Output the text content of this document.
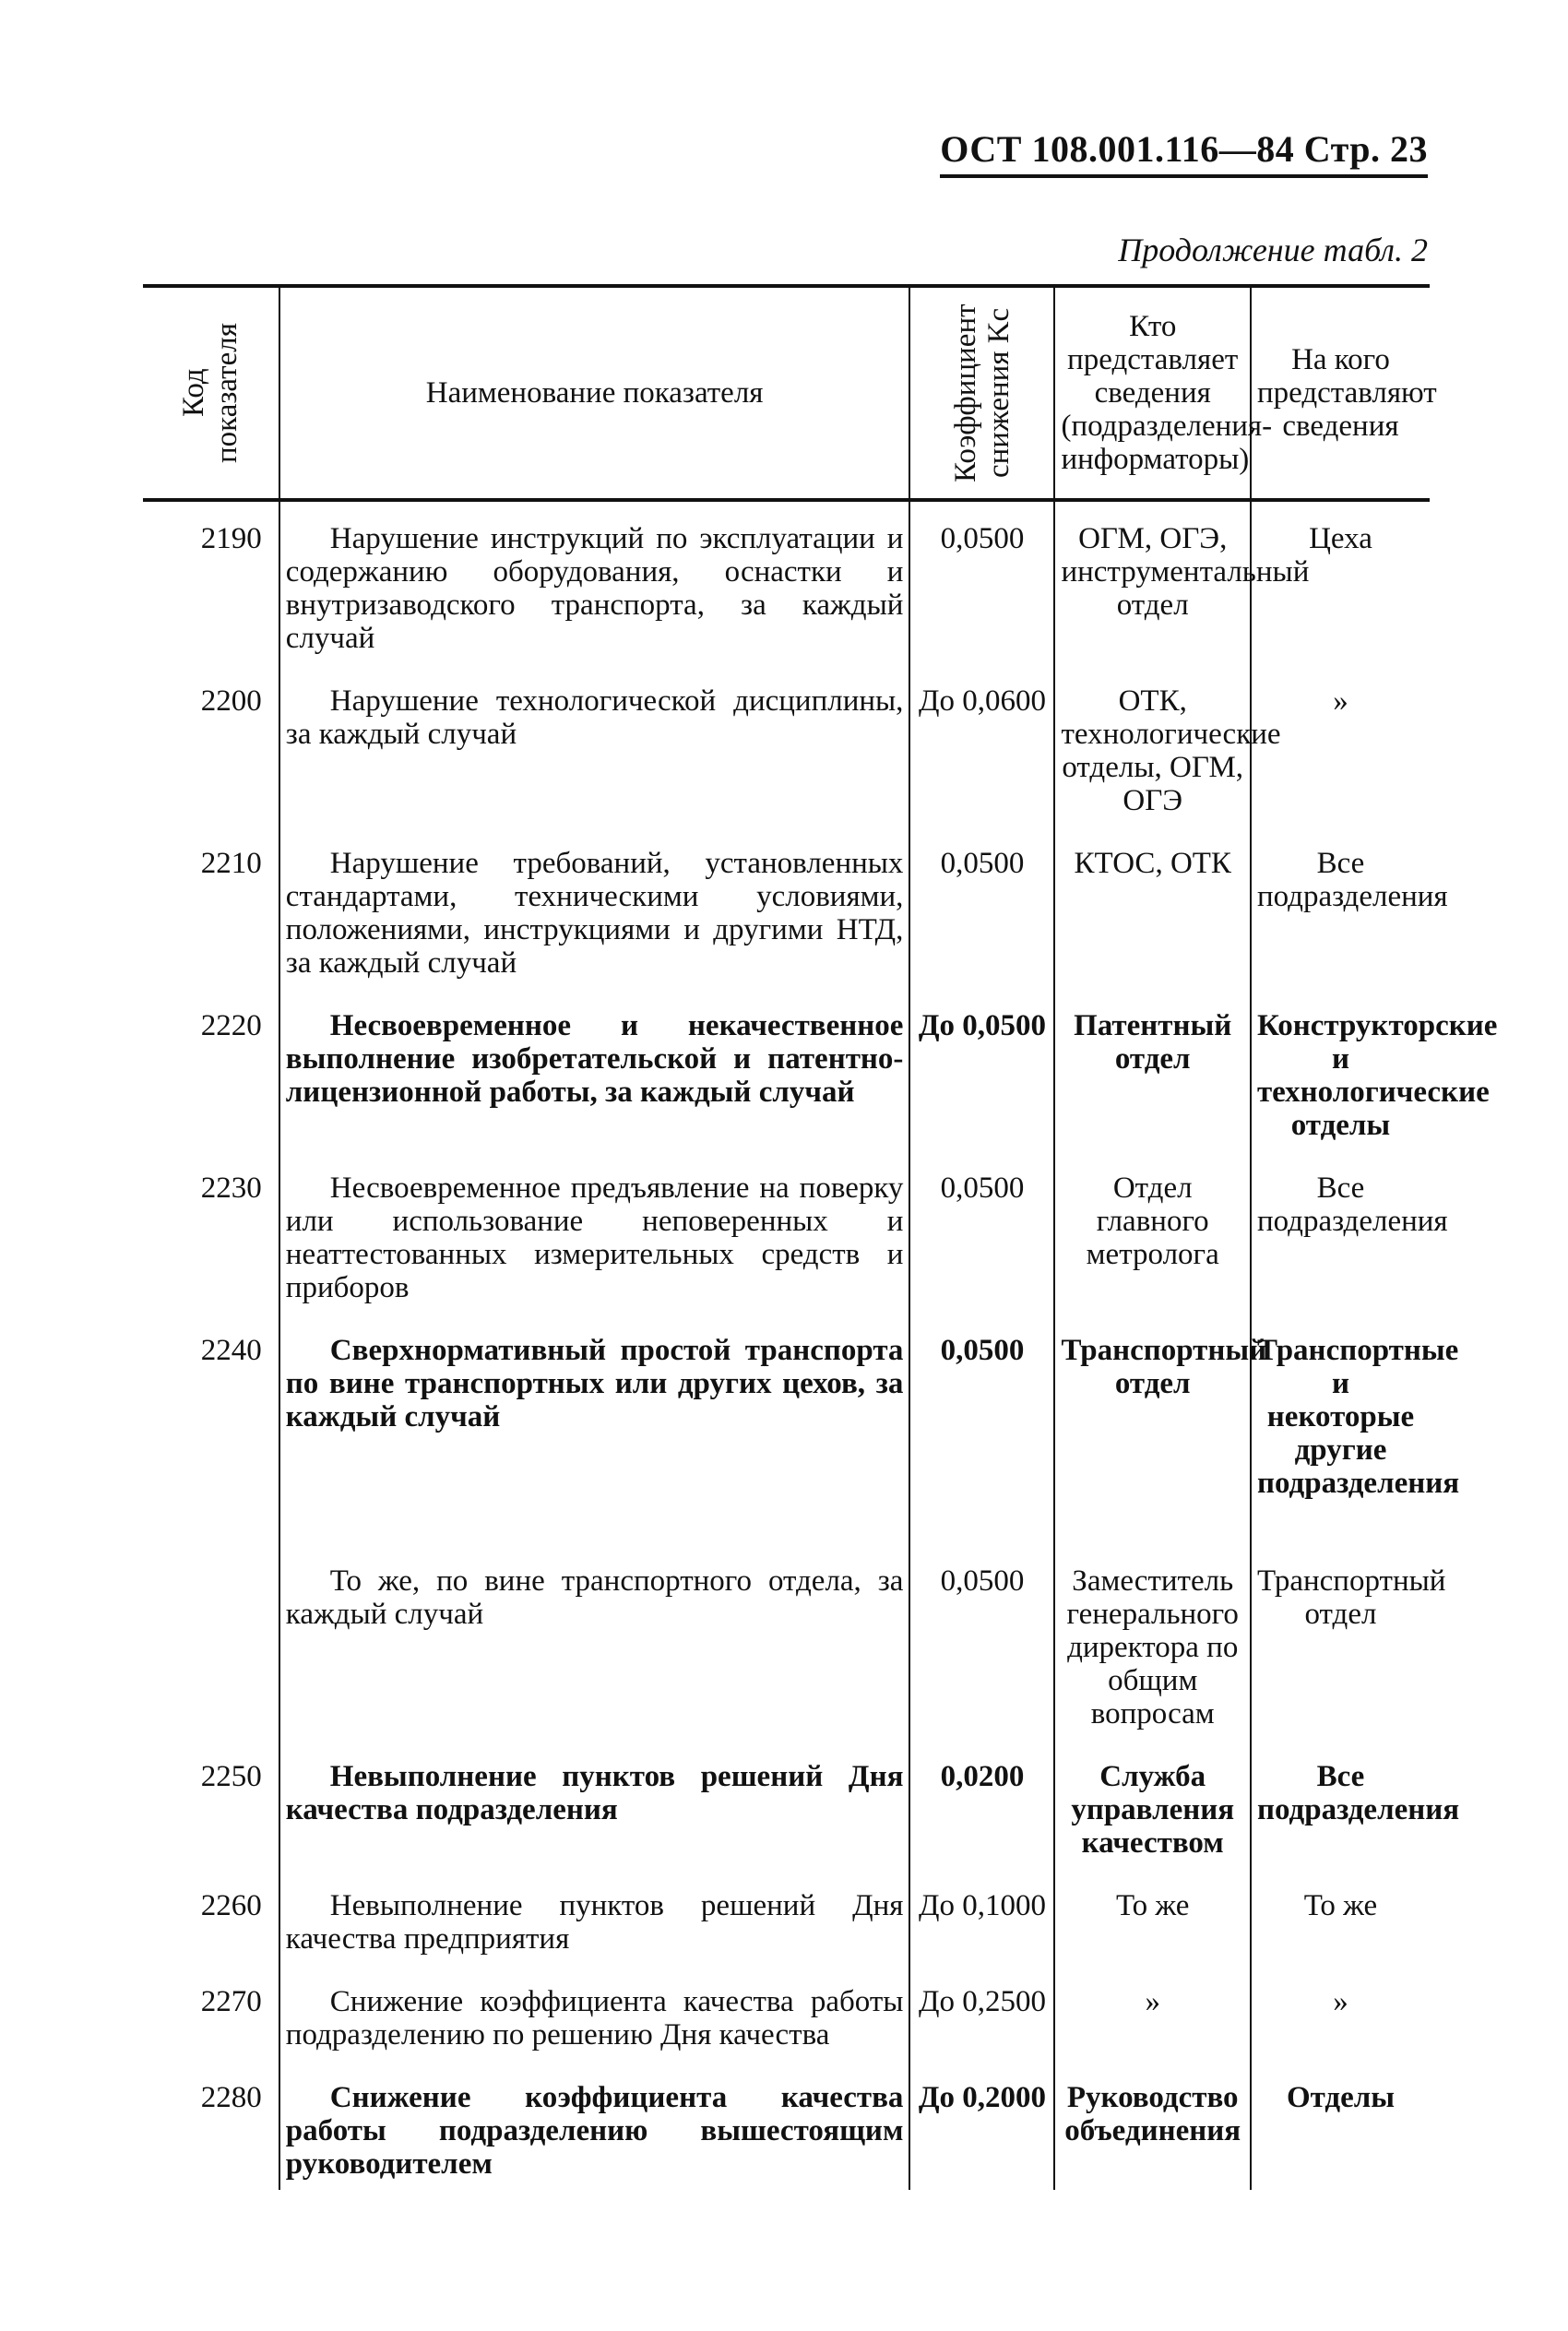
ОСТ 108.001.116—84 Стр. 23
Продолжение табл. 2
Код показателя	Наименование показателя	Коэффициент снижения Kс	Кто представляет сведения (подразделения-информаторы)	На кого представляют сведения
2190	Нарушение инструкций по эксплуатации и содержанию оборудования, оснастки и внутризаводского транспорта, за каждый случай	0,0500	ОГМ, ОГЭ, инструментальный отдел	Цеха
2200	Нарушение технологической дисциплины, за каждый случай	До 0,0600	ОТК, технологические отделы, ОГМ, ОГЭ	»
2210	Нарушение требований, установленных стандартами, техническими условиями, положениями, инструкциями и другими НТД, за каждый случай	0,0500	КТОС, ОТК	Все подразделения
2220	Несвоевременное и некачественное выполнение изобретательской и патентно-лицензионной работы, за каждый случай	До 0,0500	Патентный отдел	Конструкторские и технологические отделы
2230	Несвоевременное предъявление на поверку или использование неповеренных и неаттестованных измерительных средств и приборов	0,0500	Отдел главного метролога	Все подразделения
2240	Сверхнормативный простой транспорта по вине транспортных или других цехов, за каждый случай	0,0500	Транспортный отдел	Транспортные и некоторые другие подразделения
	То же, по вине транспортного отдела, за каждый случай	0,0500	Заместитель генерального директора по общим вопросам	Транспортный отдел
2250	Невыполнение пунктов решений Дня качества подразделения	0,0200	Служба управления качеством	Все подразделения
2260	Невыполнение пунктов решений Дня качества предприятия	До 0,1000	То же	То же
2270	Снижение коэффициента качества работы подразделению по решению Дня качества	До 0,2500	»	»
2280	Снижение коэффициента качества работы подразделению вышестоящим руководителем	До 0,2000	Руководство объединения	Отделы
